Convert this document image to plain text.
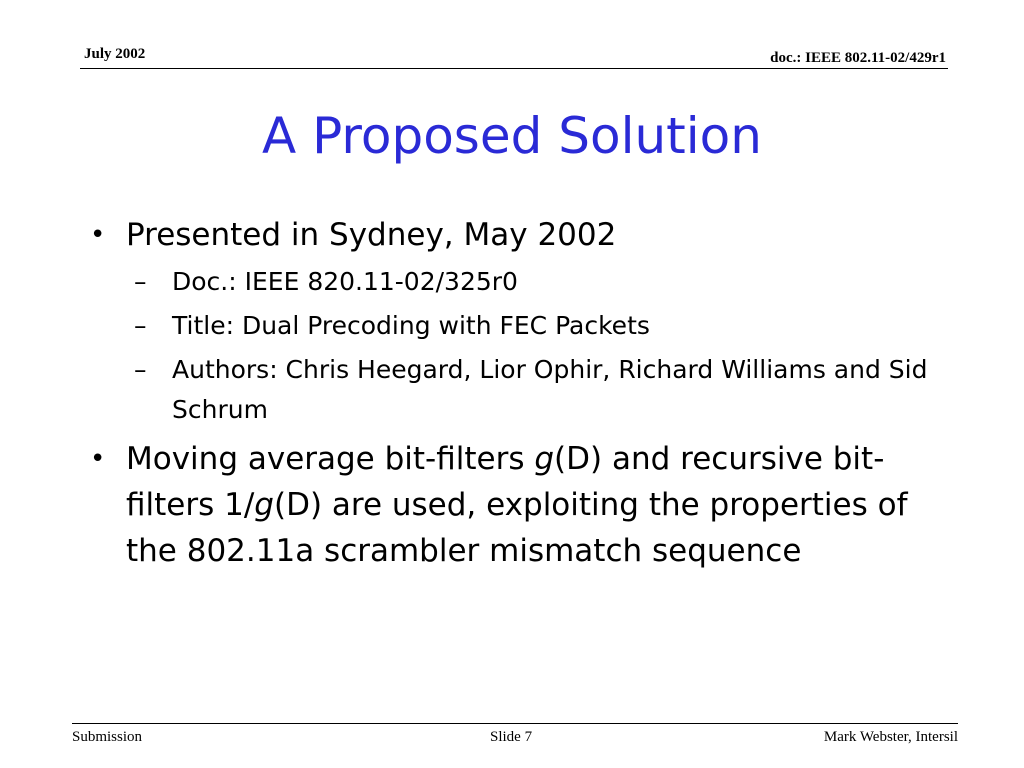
July 2002	doc.: IEEE 802.11-02/429r1
A Proposed Solution
• Presented in Sydney, May 2002
– Doc.: IEEE 820.11-02/325r0
– Title: Dual Precoding with FEC Packets
– Authors: Chris Heegard, Lior Ophir, Richard Williams and Sid Schrum
• Moving average bit-filters g(D) and recursive bit-filters 1/g(D) are used, exploiting the properties of the 802.11a scrambler mismatch sequence
Submission	Slide 7	Mark Webster, Intersil
